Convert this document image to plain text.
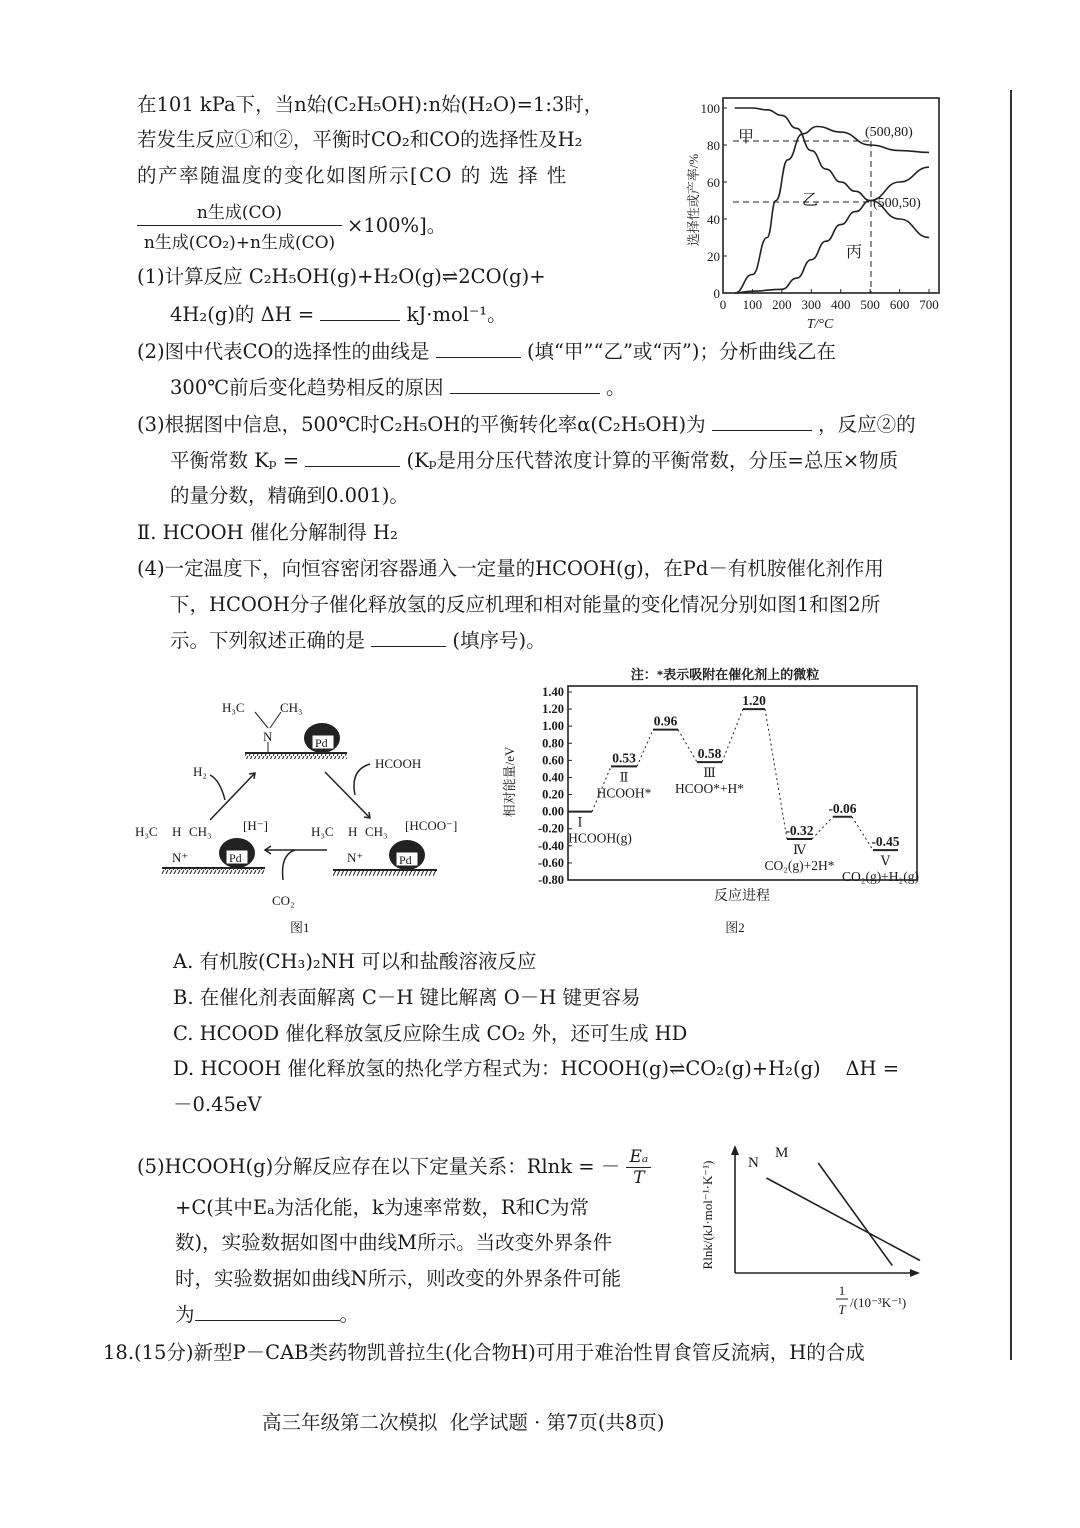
在101 kPa下，当n始(C₂H₅OH):n始(H₂O)=1:3时，
若发生反应①和②，平衡时CO₂和CO的选择性及H₂
的产率随温度的变化如图所示[CO 的 选 择 性
n生成(CO)
n生成(CO₂)+n生成(CO)
×100%]。
(1)计算反应 C₂H₅OH(g)+H₂O(g)⇌2CO(g)+
4H₂(g)的 ΔH =	kJ·mol⁻¹。
(2)图中代表CO的选择性的曲线是	(填“甲”“乙”或“丙”)；分析曲线乙在
300℃前后变化趋势相反的原因	。
(3)根据图中信息，500℃时C₂H₅OH的平衡转化率α(C₂H₅OH)为	，反应②的
平衡常数 Kₚ =	(Kₚ是用分压代替浓度计算的平衡常数，分压=总压×物质
的量分数，精确到0.001)。
Ⅱ. HCOOH 催化分解制得 H₂
(4)一定温度下，向恒容密闭容器通入一定量的HCOOH(g)，在Pd－有机胺催化剂作用
下，HCOOH分子催化释放氢的反应机理和相对能量的变化情况分别如图1和图2所
示。下列叙述正确的是	(填序号)。
0 100 200 300 400 500 600 700
0
20
40
60
80
100
(500,80)
(500,50)
甲
乙
丙
T/°C
选择性或产率/%
H₃C	CH₃
N	Pd
H₃C H CH₃
N⁺	Pd
[H⁻]	H₃C H CH₃
N⁺	Pd
[HCOO⁻]
H₂
HCOOH
CO₂
图1
注：*表示吸附在催化剂上的微粒
1.40
1.20
1.00
0.80
0.60
0.40
0.20
0.00
-0.20
-0.40
-0.60
-0.80
Ⅰ
HCOOH(g)
0.53
Ⅱ
HCOOH*
0.96
0.58
Ⅲ
HCOO*+H*
1.20
-0.32
Ⅳ
CO₂(g)+2H*
-0.06
-0.45
Ⅴ
CO₂(g)+H₂(g)
相对能量/eV
反应进程
图2
A. 有机胺(CH₃)₂NH 可以和盐酸溶液反应
B. 在催化剂表面解离 C－H 键比解离 O－H 键更容易
C. HCOOD 催化释放氢反应除生成 CO₂ 外，还可生成 HD
D. HCOOH 催化释放氢的热化学方程式为：HCOOH(g)⇌CO₂(g)+H₂(g)    ΔH =
－0.45eV
(5)HCOOH(g)分解反应存在以下定量关系：Rlnk = － $\frac{\text{Eₐ}}{T}$
+C(其中Eₐ为活化能，k为速率常数，R和C为常
数)，实验数据如图中曲线M所示。当改变外界条件
时，实验数据如曲线N所示，则改变的外界条件可能
为	。
M
N
Rlnk/(kJ·mol⁻¹·K⁻¹)
1
T /(10⁻³K⁻¹)
18.(15分)新型P－CAB类药物凯普拉生(化合物H)可用于难治性胃食管反流病，H的合成
高三年级第二次模拟  化学试题 · 第7页(共8页)
